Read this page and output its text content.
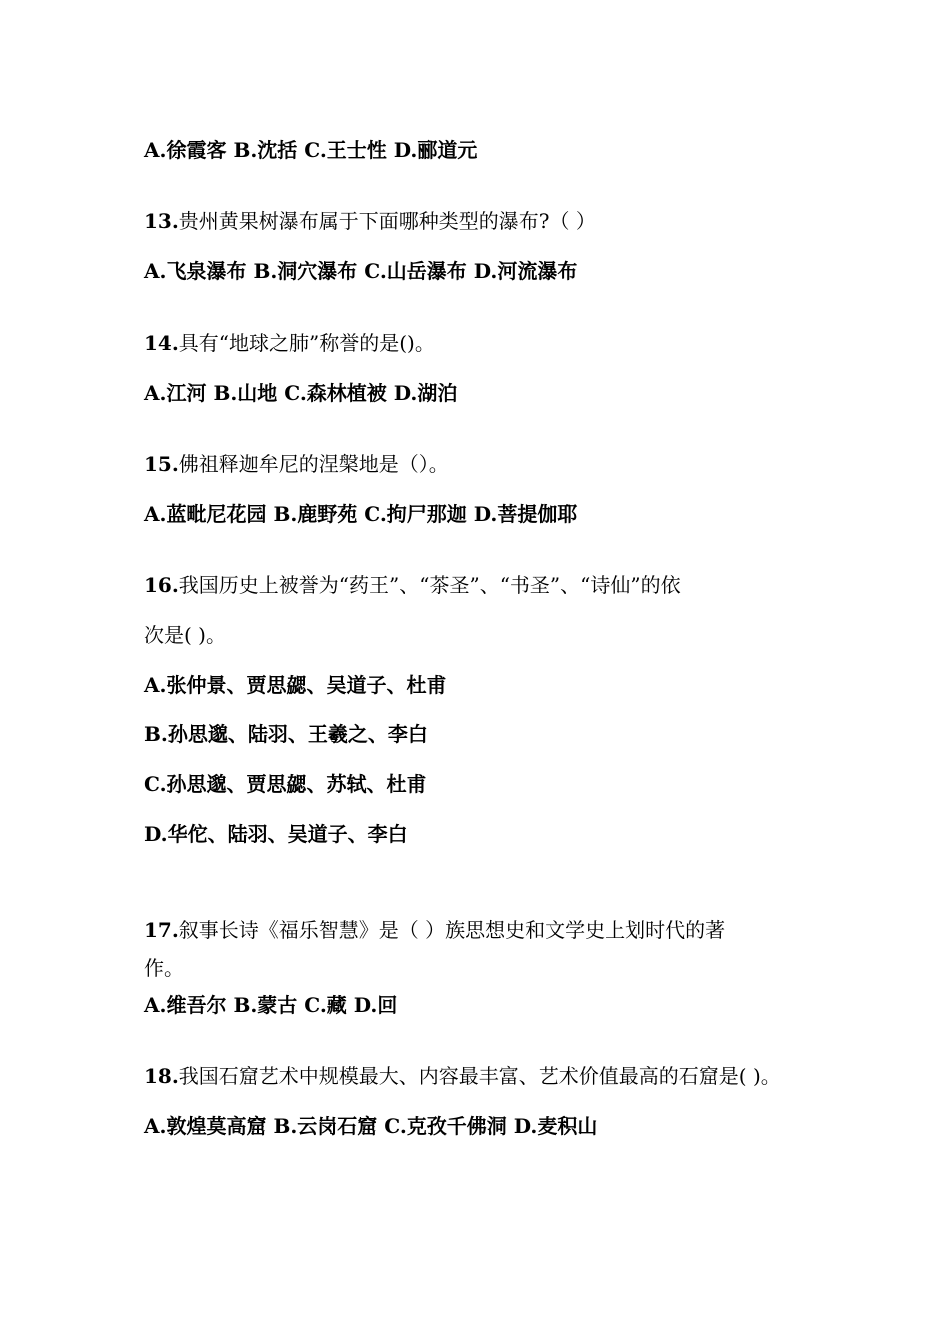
A.徐霞客 B.沈括 C.王士性 D.郦道元
13.贵州黄果树瀑布属于下面哪种类型的瀑布?（ ）
A.飞泉瀑布 B.洞穴瀑布 C.山岳瀑布 D.河流瀑布
14.具有“地球之肺”称誉的是()。
A.江河 B.山地 C.森林植被 D.湖泊
15.佛祖释迦牟尼的涅槃地是（）。
A.蓝毗尼花园 B.鹿野苑 C.拘尸那迦 D.菩提伽耶
16.我国历史上被誉为“药王”、“茶圣”、“书圣”、“诗仙”的依
次是( )。
A.张仲景、贾思勰、吴道子、杜甫
B.孙思邈、陆羽、王羲之、李白
C.孙思邈、贾思勰、苏轼、杜甫
D.华佗、陆羽、吴道子、李白
17.叙事长诗《福乐智慧》是（ ）族思想史和文学史上划时代的著
作。
A.维吾尔 B.蒙古 C.藏 D.回
18.我国石窟艺术中规模最大、内容最丰富、艺术价值最高的石窟是( )。
A.敦煌莫高窟 B.云岗石窟 C.克孜千佛洞 D.麦积山
